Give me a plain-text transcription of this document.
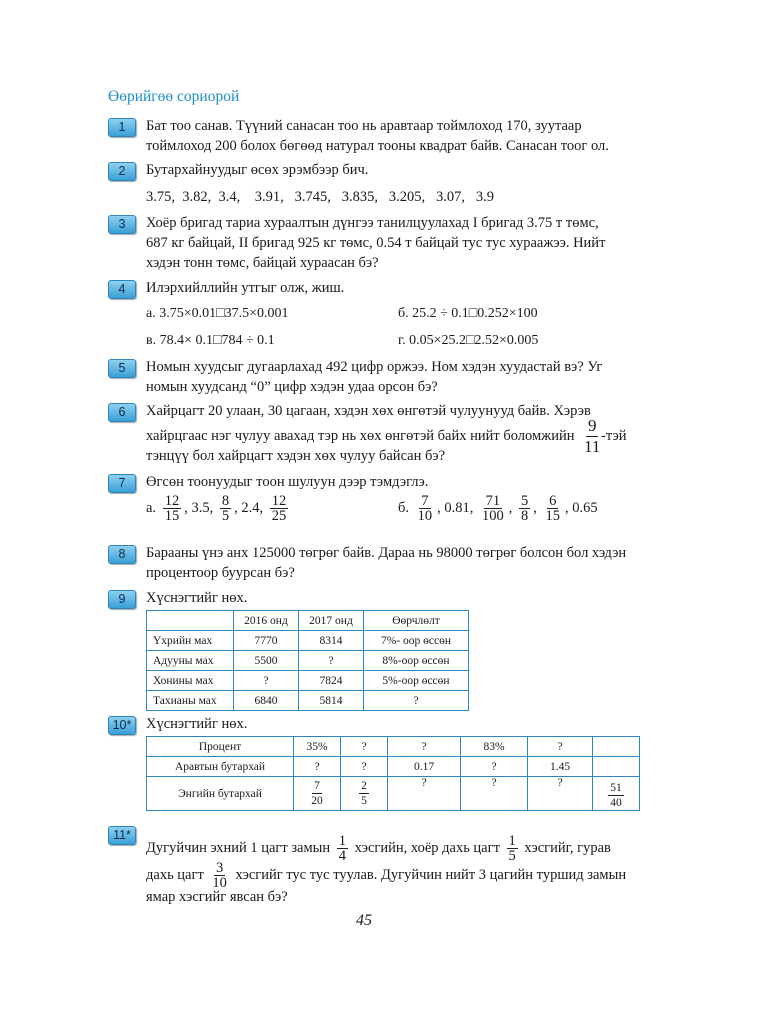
Өөрийгөө сориорой
1	Бат тоо санав. Түүний санасан тоо нь аравтаар тоймлоход 170, зуутаар
тоймлоход 200 болох бөгөөд натурал тооны квадрат байв. Санасан тоог ол.
2	Бутархайнуудыг өсөх эрэмбээр бич.
3.75, 3.82, 3.4, 3.91, 3.745, 3.835, 3.205, 3.07, 3.9
3	Хоёр бригад тариа хураалтын дүнгээ танилцуулахад I бригад 3.75 т төмс,
687 кг байцай, II бригад 925 кг төмс, 0.54 т байцай тус тус хураажээ. Нийт
хэдэн тонн төмс, байцай хураасан бэ?
4	Илэрхийллийн утгыг олж, жиш.
а. 3.75×0.01□37.5×0.001	б. 25.2 ÷ 0.1□0.252×100
в. 78.4× 0.1□784 ÷ 0.1	г. 0.05×25.2□2.52×0.005
5	Номын хуудсыг дугаарлахад 492 цифр оржээ. Ном хэдэн хуудастай вэ? Уг
номын хуудсанд “0” цифр хэдэн удаа орсон бэ?
6	Хайрцагт 20 улаан, 30 цагаан, хэдэн хөх өнгөтэй чулуунууд байв. Хэрэв
хайрцгаас нэг чулуу авахад тэр нь хөх өнгөтэй байх нийт боломжийн $\frac{9}{11}$
-тэй
тэнцүү бол хайрцагт хэдэн хөх чулуу байсан бэ?
7	Өгсөн тоонуудыг тоон шулуун дээр тэмдэглэ.
а. $\frac{12}{15}$ , 3.5, $\frac{8}{5}$ , 2.4, $\frac{12}{25}$	б. $\frac{7}{10}$ , 0.81, $\frac{71}{100}$ , $\frac{5}{8}$ , $\frac{6}{15}$ , 0.65
8	Барааны үнэ анх 125000 төгрөг байв. Дараа нь 98000 төгрөг болсон бол хэдэн
процентоор буурсан бэ?
9	Хүснэгтийг нөх.
	2016 онд	2017 онд	Өөрчлөлт
Үхрийн мах	7770	8314	7%- оор өссөн
Адууны мах	5500	?	8%-оор өссөн
Хонины мах	?	7824	5%-оор өссөн
Тахианы мах	6840	5814	?
10*	Хүснэгтийг нөх.
Процент	35%	?	?	83%	?	
Аравтын бутархай	?	?	0.17	?	1.45	
Энгийн бутархай	$\frac{7}{20}$	$\frac{2}{5}$	?	?	?	$\frac{51}{40}$
11*
Дугуйчин эхний 1 цагт замын $\frac{1}{4}$ хэсгийн, хоёр дахь цагт $\frac{1}{5}$ хэсгийг, гурав
дахь цагт $\frac{3}{10}$ хэсгийг тус тус туулав. Дугуйчин нийт 3 цагийн туршид замын
ямар хэсгийг явсан бэ?
45
